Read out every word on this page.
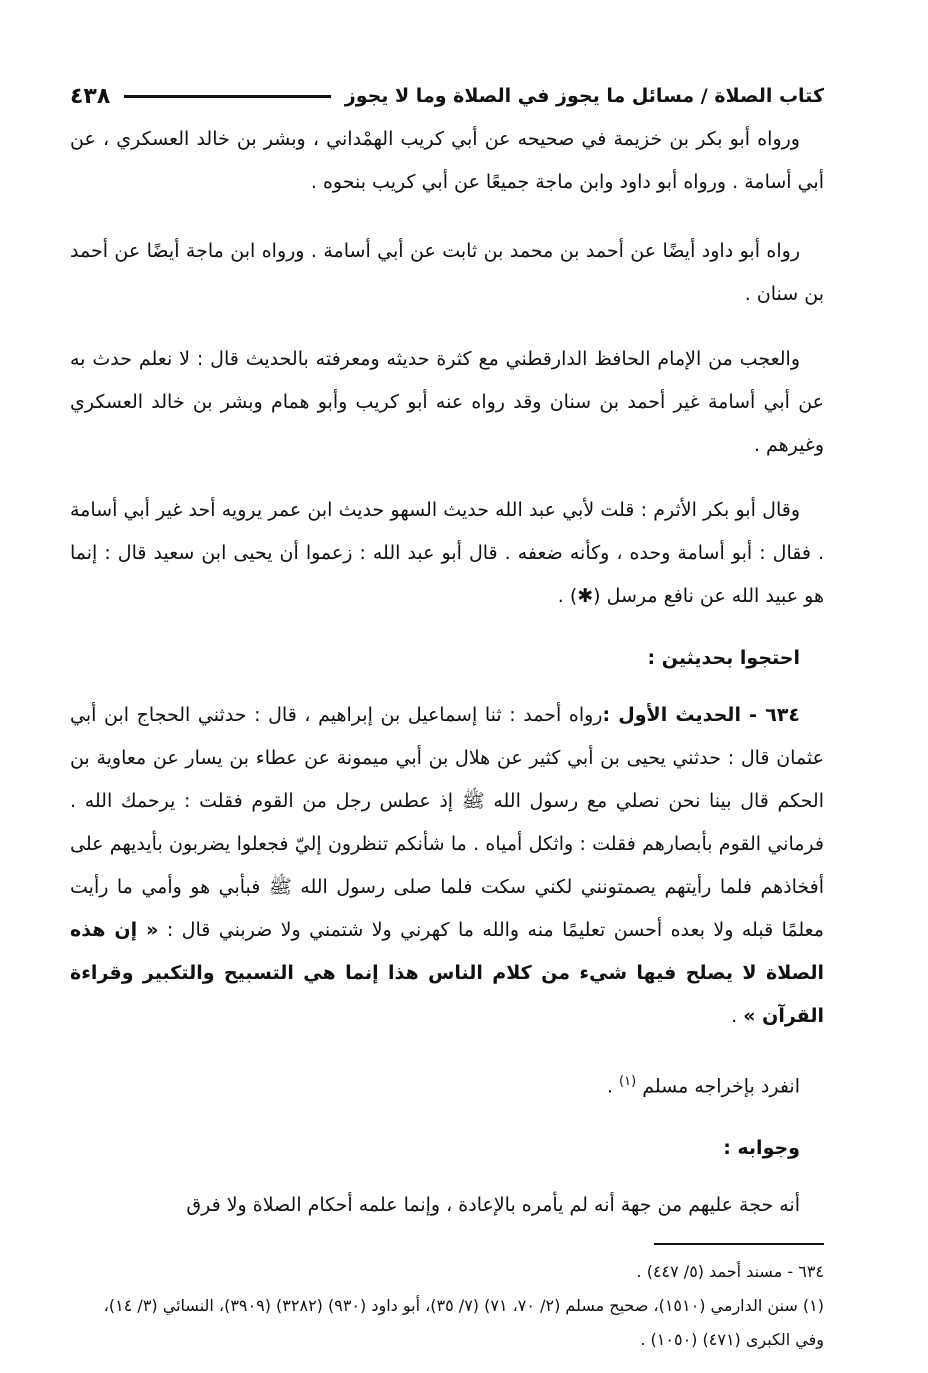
كتاب الصلاة / مسائل ما يجوز في الصلاة وما لا يجوز
٤٣٨

ورواه أبو بكر بن خزيمة في صحيحه عن أبي كريب الهمْداني ، وبشر بن خالد العسكري ، عن أبي أسامة . ورواه أبو داود وابن ماجة جميعًا عن أبي كريب بنحوه .

رواه أبو داود أيضًا عن أحمد بن محمد بن ثابت عن أبي أسامة . ورواه ابن ماجة أيضًا عن أحمد بن سنان .

والعجب من الإمام الحافظ الدارقطني مع كثرة حديثه ومعرفته بالحديث قال : لا نعلم حدث به عن أبي أسامة غير أحمد بن سنان وقد رواه عنه أبو كريب وأبو همام وبشر بن خالد العسكري وغيرهم .

وقال أبو بكر الأثرم : قلت لأبي عبد الله حديث السهو حديث ابن عمر يرويه أحد غير أبي أسامة . فقال : أبو أسامة وحده ، وكأنه ضعفه . قال أبو عبد الله : زعموا أن يحيى ابن سعيد قال : إنما هو عبيد الله عن نافع مرسل (✱) .

احتجوا بحديثين :

٦٣٤ - الحديث الأول :رواه أحمد : ثنا إسماعيل بن إبراهيم ، قال : حدثني الحجاج ابن أبي عثمان قال : حدثني يحيى بن أبي كثير عن هلال بن أبي ميمونة عن عطاء بن يسار عن معاوية بن الحكم قال بينا نحن نصلي مع رسول الله ﷺ إذ عطس رجل من القوم فقلت : يرحمك الله . فرماني القوم بأبصارهم فقلت : واثكل أمياه . ما شأنكم تنظرون إليّ فجعلوا يضربون بأيديهم على أفخاذهم فلما رأيتهم يصمتونني لكني سكت فلما صلى رسول الله ﷺ فبأبي هو وأمي ما رأيت معلمًا قبله ولا بعده أحسن تعليمًا منه والله ما كهرني ولا شتمني ولا ضربني قال : « إن هذه الصلاة لا يصلح فيها شيء من كلام الناس هذا إنما هي التسبيح والتكبير وقراءة القرآن » .

انفرد بإخراجه مسلم $^{(١)}$ .

وجوابه :

أنه حجة عليهم من جهة أنه لم يأمره بالإعادة ، وإنما علمه أحكام الصلاة ولا فرق

٦٣٤ - مسند أحمد (٥/ ٤٤٧) .

(١) سنن الدارمي (١٥١٠)، صحيح مسلم (٢/ ٧٠، ٧١) (٧/ ٣٥)، أبو داود (٩٣٠) (٣٢٨٢) (٣٩٠٩)، النسائي (٣/ ١٤)، وفي الكبرى (٤٧١) (١٠٥٠) .
